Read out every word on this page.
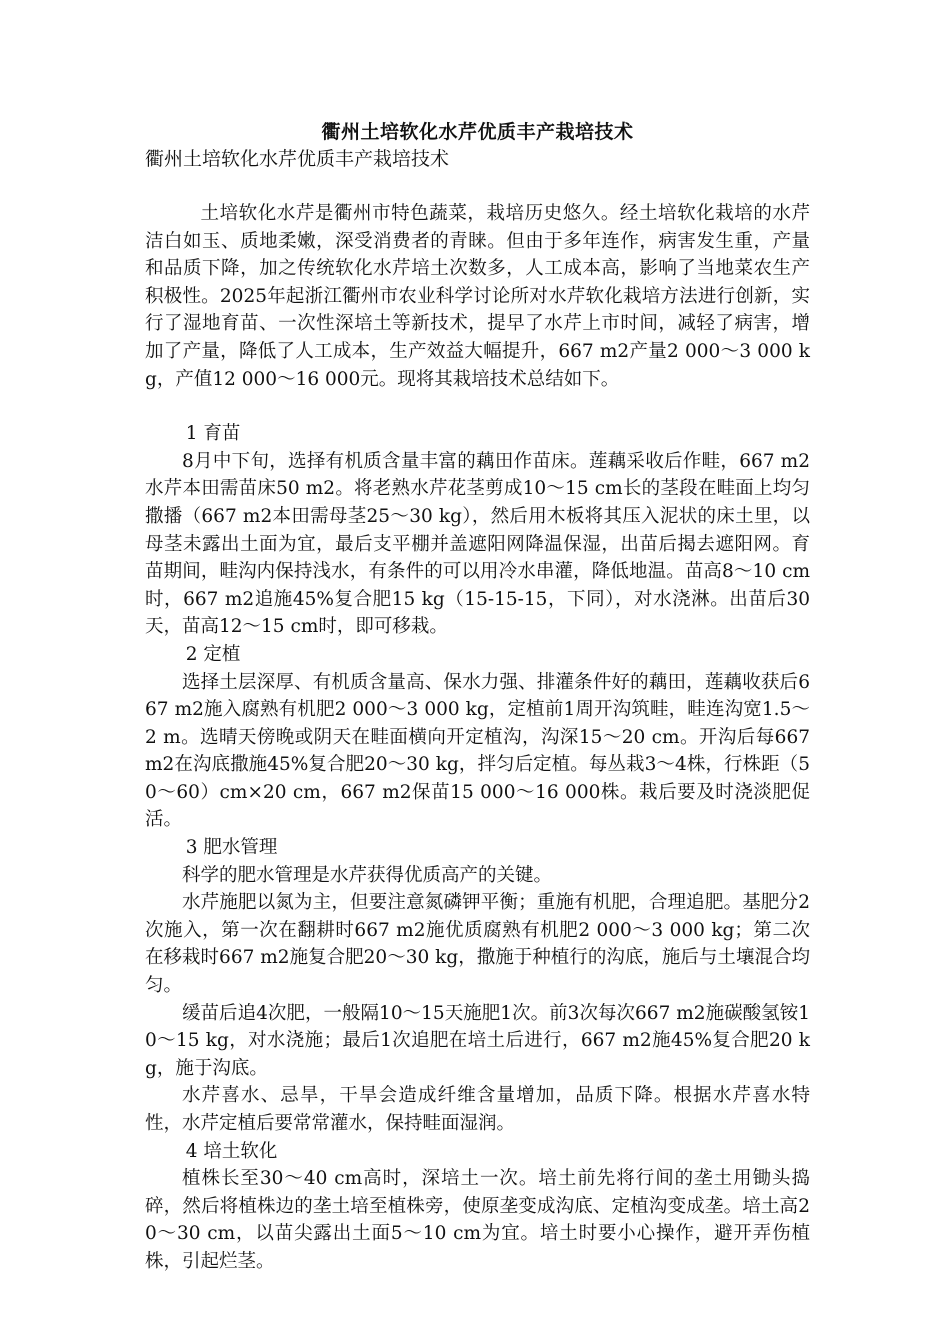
衢州土培软化水芹优质丰产栽培技术

衢州土培软化水芹优质丰产栽培技术

土培软化水芹是衢州市特色蔬菜，栽培历史悠久。经土培软化栽培的水芹洁白如玉、质地柔嫩，深受消费者的青睐。但由于多年连作，病害发生重，产量和品质下降，加之传统软化水芹培土次数多，人工成本高，影响了当地菜农生产积极性。2025年起浙江衢州市农业科学讨论所对水芹软化栽培方法进行创新，实行了湿地育苗、一次性深培土等新技术，提早了水芹上市时间，减轻了病害，增加了产量，降低了人工成本，生产效益大幅提升，667 m2产量2 000～3 000 kg，产值12 000～16 000元。现将其栽培技术总结如下。

1 育苗

8月中下旬，选择有机质含量丰富的藕田作苗床。莲藕采收后作畦，667 m2水芹本田需苗床50 m2。将老熟水芹花茎剪成10～15 cm长的茎段在畦面上均匀撒播（667 m2本田需母茎25～30 kg），然后用木板将其压入泥状的床土里，以母茎未露出土面为宜，最后支平棚并盖遮阳网降温保湿，出苗后揭去遮阳网。育苗期间，畦沟内保持浅水，有条件的可以用冷水串灌，降低地温。苗高8～10 cm时，667 m2追施45%复合肥15 kg（15-15-15，下同），对水浇淋。出苗后30天，苗高12～15 cm时，即可移栽。

2 定植

选择土层深厚、有机质含量高、保水力强、排灌条件好的藕田，莲藕收获后667 m2施入腐熟有机肥2 000～3 000 kg，定植前1周开沟筑畦，畦连沟宽1.5～2 m。选晴天傍晚或阴天在畦面横向开定植沟，沟深15～20 cm。开沟后每667 m2在沟底撒施45%复合肥20～30 kg，拌匀后定植。每丛栽3～4株，行株距（50～60）cm×20 cm，667 m2保苗15 000～16 000株。栽后要及时浇淡肥促活。

3 肥水管理

科学的肥水管理是水芹获得优质高产的关键。

水芹施肥以氮为主，但要注意氮磷钾平衡；重施有机肥，合理追肥。基肥分2次施入，第一次在翻耕时667 m2施优质腐熟有机肥2 000～3 000 kg；第二次在移栽时667 m2施复合肥20～30 kg，撒施于种植行的沟底，施后与土壤混合均匀。

缓苗后追4次肥，一般隔10～15天施肥1次。前3次每次667 m2施碳酸氢铵10～15 kg，对水浇施；最后1次追肥在培土后进行，667 m2施45%复合肥20 kg，施于沟底。

水芹喜水、忌旱，干旱会造成纤维含量增加，品质下降。根据水芹喜水特性，水芹定植后要常常灌水，保持畦面湿润。

4 培土软化

植株长至30～40 cm高时，深培土一次。培土前先将行间的垄土用锄头捣碎，然后将植株边的垄土培至植株旁，使原垄变成沟底、定植沟变成垄。培土高20～30 cm，以苗尖露出土面5～10 cm为宜。培土时要小心操作，避开弄伤植株，引起烂茎。
